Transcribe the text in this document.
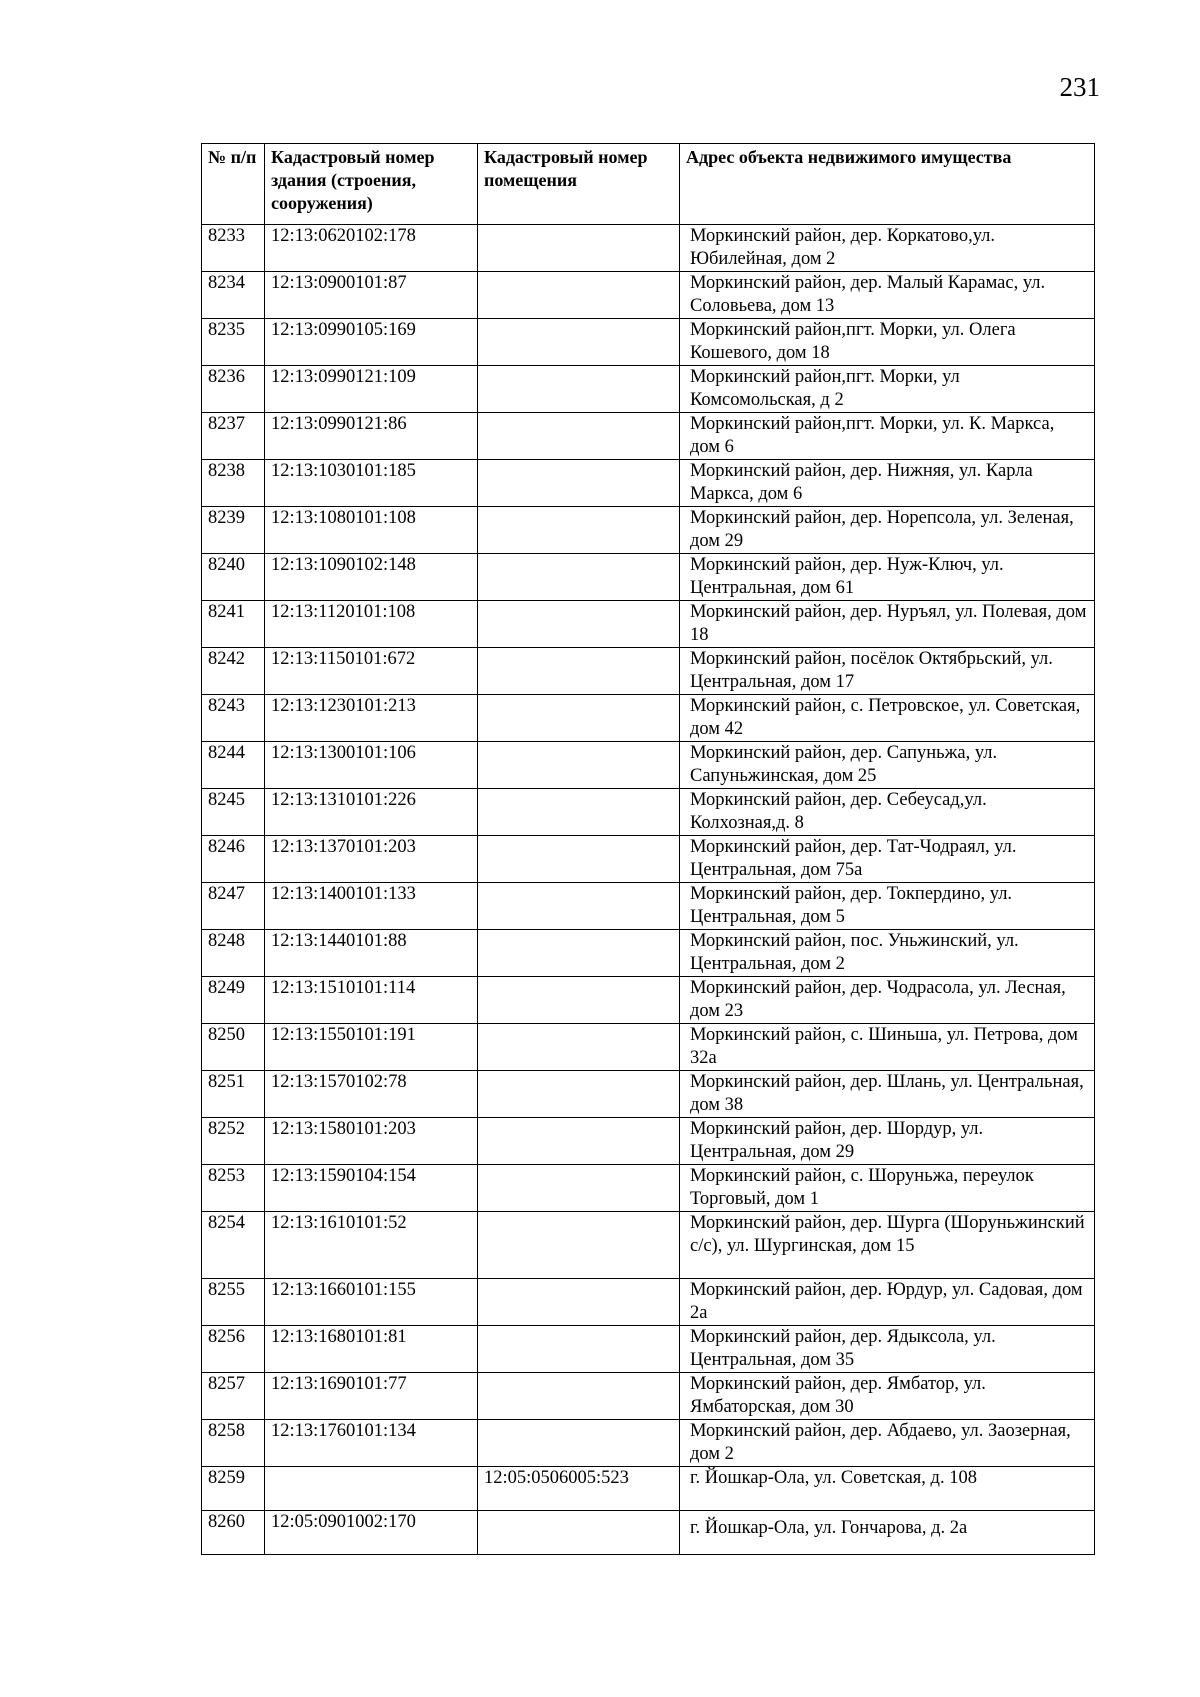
231
№ п/п	Кадастровый номер здания (строения, сооружения)	Кадастровый номер помещения	Адрес объекта недвижимого имущества
8233	12:13:0620102:178		Моркинский район, дер. Коркатово,ул. Юбилейная, дом 2
8234	12:13:0900101:87		Моркинский район, дер. Малый Карамас, ул. Соловьева, дом 13
8235	12:13:0990105:169		Моркинский район,пгт. Морки, ул. Олега Кошевого, дом 18
8236	12:13:0990121:109		Моркинский район,пгт. Морки, ул Комсомольская, д 2
8237	12:13:0990121:86		Моркинский район,пгт. Морки, ул. К. Маркса, дом 6
8238	12:13:1030101:185		Моркинский район, дер. Нижняя, ул. Карла Маркса, дом 6
8239	12:13:1080101:108		Моркинский район, дер. Норепсола, ул. Зеленая, дом 29
8240	12:13:1090102:148		Моркинский район, дер. Нуж-Ключ, ул. Центральная, дом 61
8241	12:13:1120101:108		Моркинский район, дер. Нуръял, ул. Полевая, дом 18
8242	12:13:1150101:672		Моркинский район, посёлок Октябрьский, ул. Центральная, дом 17
8243	12:13:1230101:213		Моркинский район, с. Петровское, ул. Советская, дом 42
8244	12:13:1300101:106		Моркинский район, дер. Сапуньжа, ул. Сапуньжинская, дом 25
8245	12:13:1310101:226		Моркинский район, дер. Себеусад,ул. Колхозная,д. 8
8246	12:13:1370101:203		Моркинский район, дер. Тат-Чодраял, ул. Центральная, дом 75а
8247	12:13:1400101:133		Моркинский район, дер. Токпердино, ул. Центральная, дом 5
8248	12:13:1440101:88		Моркинский район, пос. Уньжинский, ул. Центральная, дом 2
8249	12:13:1510101:114		Моркинский район, дер. Чодрасола, ул. Лесная, дом 23
8250	12:13:1550101:191		Моркинский район, с. Шиньша, ул. Петрова, дом 32а
8251	12:13:1570102:78		Моркинский район, дер. Шлань, ул. Центральная, дом 38
8252	12:13:1580101:203		Моркинский район, дер. Шордур, ул. Центральная, дом 29
8253	12:13:1590104:154		Моркинский район, с. Шоруньжа, переулок Торговый, дом 1
8254	12:13:1610101:52		Моркинский район, дер. Шурга (Шоруньжинский с/с), ул. Шургинская, дом 15
8255	12:13:1660101:155		Моркинский район, дер. Юрдур, ул. Садовая, дом 2а
8256	12:13:1680101:81		Моркинский район, дер. Ядыксола, ул. Центральная, дом 35
8257	12:13:1690101:77		Моркинский район, дер. Ямбатор, ул. Ямбаторская, дом 30
8258	12:13:1760101:134		Моркинский район, дер. Абдаево, ул. Заозерная, дом 2
8259		12:05:0506005:523	г. Йошкар-Ола, ул. Советская, д. 108
8260	12:05:0901002:170		г. Йошкар-Ола, ул. Гончарова, д. 2а
